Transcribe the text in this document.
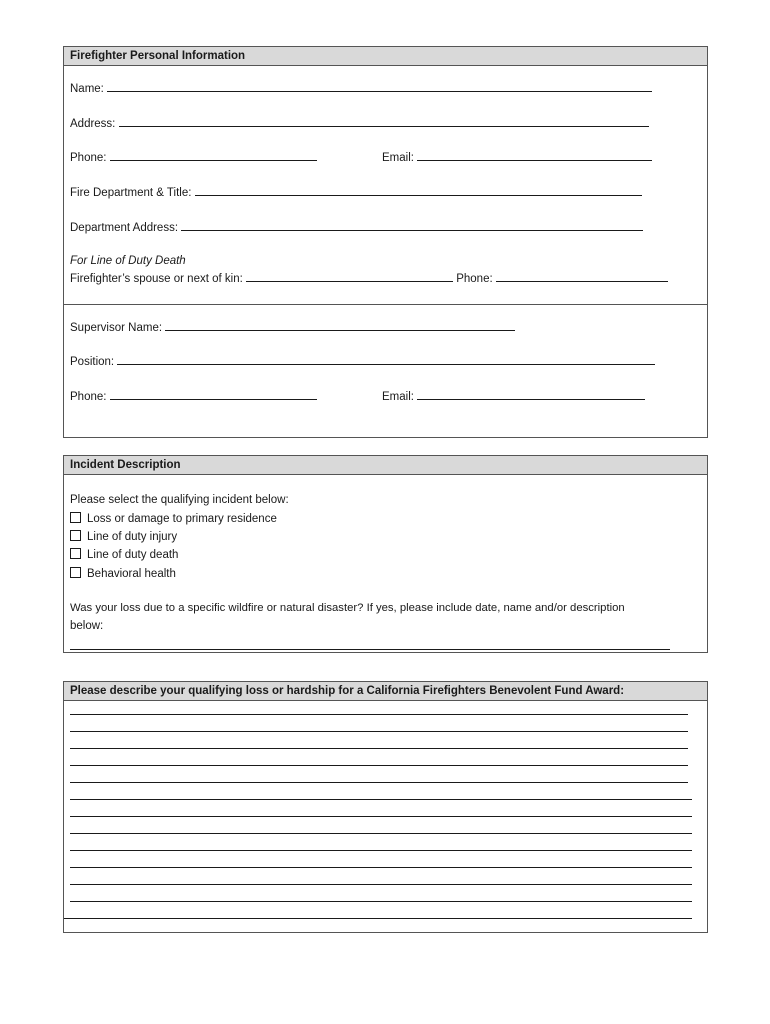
Firefighter Personal Information
Name:
Address:
Phone:	Email:
Fire Department & Title:
Department Address:
For Line of Duty Death
Firefighter’s spouse or next of kin:	Phone:
Supervisor Name:
Position:
Phone:	Email:
Incident Description
Please select the qualifying incident below:
Loss or damage to primary residence
Line of duty injury
Line of duty death
Behavioral health
Was your loss due to a specific wildfire or natural disaster? If yes, please include date, name and/or description
below:
Please describe your qualifying loss or hardship for a California Firefighters Benevolent Fund Award:
